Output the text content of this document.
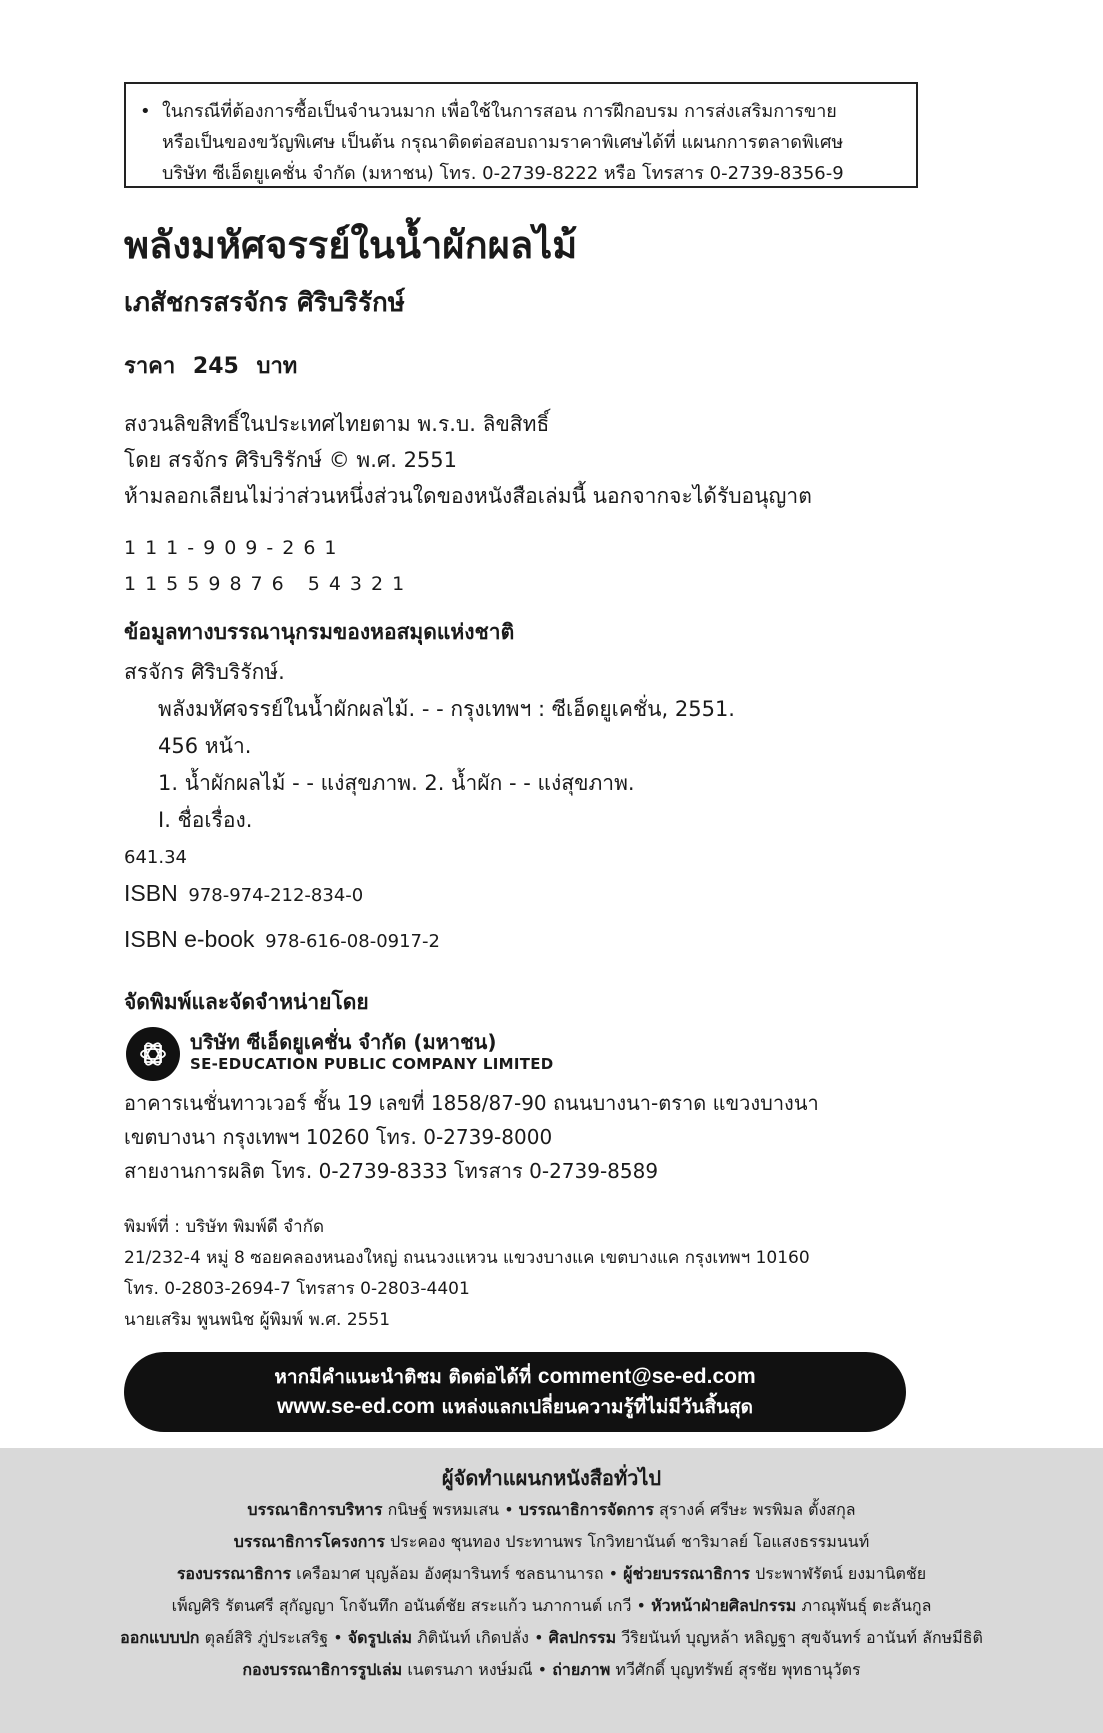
• ในกรณีที่ต้องการซื้อเป็นจำนวนมาก เพื่อใช้ในการสอน การฝึกอบรม การส่งเสริมการขาย
หรือเป็นของขวัญพิเศษ เป็นต้น กรุณาติดต่อสอบถามราคาพิเศษได้ที่ แผนกการตลาดพิเศษ
บริษัท ซีเอ็ดยูเคชั่น จำกัด (มหาชน) โทร. 0-2739-8222 หรือ โทรสาร 0-2739-8356-9
พลังมหัศจรรย์ในน้ำผักผลไม้
เภสัชกรสรจักร ศิริบริรักษ์
ราคา 245 บาท
สงวนลิขสิทธิ์ในประเทศไทยตาม พ.ร.บ. ลิขสิทธิ์
โดย สรจักร ศิริบริรักษ์ © พ.ศ. 2551
ห้ามลอกเลียนไม่ว่าส่วนหนึ่งส่วนใดของหนังสือเล่มนี้ นอกจากจะได้รับอนุญาต
111-909-261
11559876 54321
ข้อมูลทางบรรณานุกรมของหอสมุดแห่งชาติ
สรจักร ศิริบริรักษ์.
พลังมหัศจรรย์ในน้ำผักผลไม้. - - กรุงเทพฯ : ซีเอ็ดยูเคชั่น, 2551.
456 หน้า.
1. น้ำผักผลไม้ - - แง่สุขภาพ. 2. น้ำผัก - - แง่สุขภาพ.
I. ชื่อเรื่อง.
641.34
ISBN 978-974-212-834-0
ISBN e-book 978-616-08-0917-2
จัดพิมพ์และจัดจำหน่ายโดย
บริษัท ซีเอ็ดยูเคชั่น จำกัด (มหาชน)
SE-EDUCATION PUBLIC COMPANY LIMITED
อาคารเนชั่นทาวเวอร์ ชั้น 19 เลขที่ 1858/87-90 ถนนบางนา-ตราด แขวงบางนา
เขตบางนา กรุงเทพฯ 10260 โทร. 0-2739-8000
สายงานการผลิต โทร. 0-2739-8333 โทรสาร 0-2739-8589
พิมพ์ที่ : บริษัท พิมพ์ดี จำกัด
21/232-4 หมู่ 8 ซอยคลองหนองใหญ่ ถนนวงแหวน แขวงบางแค เขตบางแค กรุงเทพฯ 10160
โทร. 0-2803-2694-7 โทรสาร 0-2803-4401
นายเสริม พูนพนิช ผู้พิมพ์ พ.ศ. 2551
หากมีคำแนะนำติชม ติดต่อได้ที่ comment@se-ed.com
www.se-ed.com แหล่งแลกเปลี่ยนความรู้ที่ไม่มีวันสิ้นสุด
ผู้จัดทำแผนกหนังสือทั่วไป
บรรณาธิการบริหาร กนิษฐ์ พรหมเสน • บรรณาธิการจัดการ สุรางค์ ศรีษะ พรพิมล ตั้งสกุล
บรรณาธิการโครงการ ประคอง ชุนทอง ประทานพร โกวิทยานันต์ ชาริมาลย์ โอแสงธรรมนนท์
รองบรรณาธิการ เครือมาศ บุญล้อม อังศุมารินทร์ ชลธนานารถ • ผู้ช่วยบรรณาธิการ ประพาฬรัตน์ ยงมานิตชัย
เพ็ญศิริ รัตนศรี สุกัญญา โกจันทึก อนันต์ชัย สระแก้ว นภากานต์ เกวี • หัวหน้าฝ่ายศิลปกรรม ภาณุพันธุ์ ตะลันกูล
ออกแบบปก ตุลย์สิริ ภู่ประเสริฐ • จัดรูปเล่ม ภิตินันท์ เกิดปลั่ง • ศิลปกรรม วีริยนันท์ บุญหล้า หลิญฐา สุขจันทร์ อานันท์ ลักษมีธิติ
กองบรรณาธิการรูปเล่ม เนตรนภา หงษ์มณี • ถ่ายภาพ ทวีศักดิ์ บุญทรัพย์ สุรชัย พุทธานุวัตร
